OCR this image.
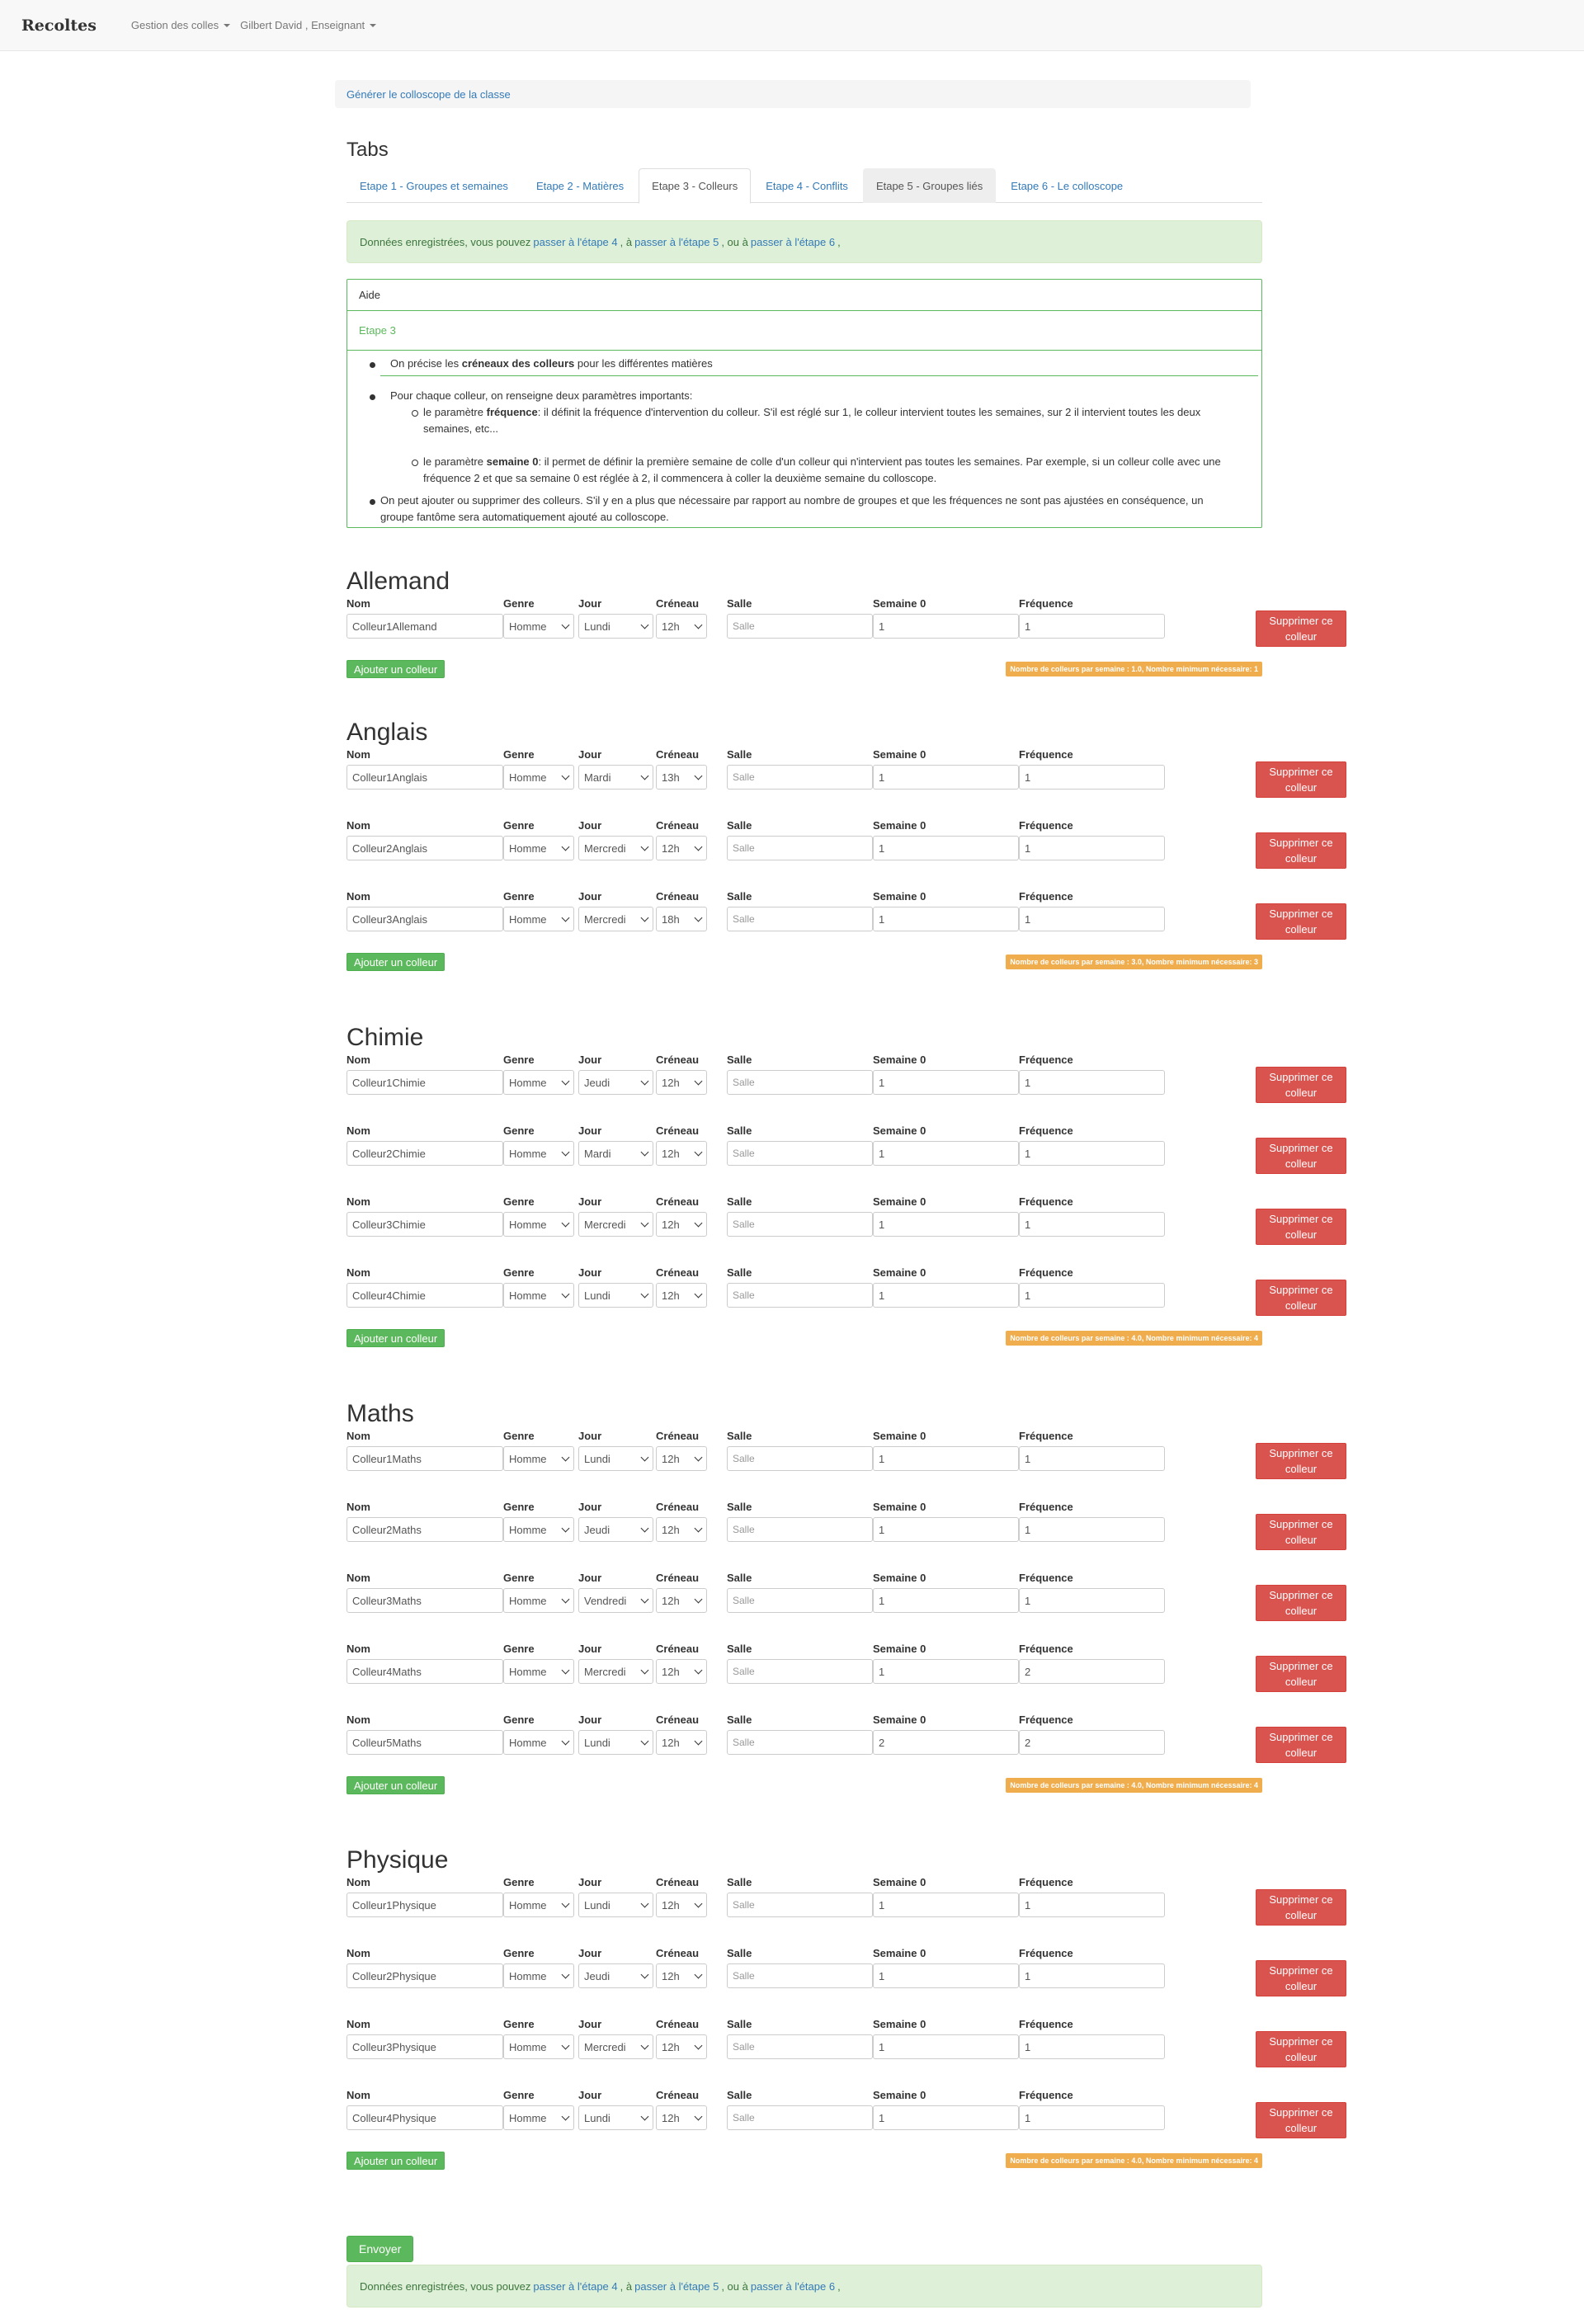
Recoltes	Gestion des colles Gilbert David , Enseignant
Générer le colloscope de la classe
Tabs
Etape 1 - Groupes et semaines	Etape 2 - Matières	Etape 3 - Colleurs	Etape 4 - Conflits	Etape 5 - Groupes liés	Etape 6 - Le colloscope
Données enregistrées, vous pouvez passer à l'étape 4 ,
à passer à l'étape 5 , ou à passer à l'étape 6 ,
Aide
Etape 3
On précise les créneaux des colleurs pour les différentes matières
Pour chaque colleur, on renseigne deux paramètres importants:
le paramètre fréquence: il définit la fréquence d'intervention du colleur. S'il est réglé sur 1, le colleur intervient toutes les semaines, sur 2 il intervient toutes les deux semaines, etc...
le paramètre semaine 0: il permet de définir la première semaine de colle d'un colleur qui n'intervient pas toutes les semaines. Par exemple, si un colleur colle avec une fréquence 2 et que sa semaine 0 est réglée à 2, il commencera à coller la deuxième semaine du colloscope.
On peut ajouter ou supprimer des colleurs. S'il y en a plus que nécessaire par rapport au nombre de groupes et que les fréquences ne sont pas ajustées en conséquence, un groupe fantôme sera automatiquement ajouté au colloscope.
Allemand
Nom	Genre	Jour	Créneau	Salle	Semaine 0	Fréquence
Colleur1Allemand	Homme	Lundi	12h	Salle	1	1	Supprimer ce colleur
Ajouter un colleur	Nombre de colleurs par semaine : 1.0, Nombre minimum nécessaire: 1
Anglais
Nom	Genre	Jour	Créneau	Salle	Semaine 0	Fréquence
Colleur1Anglais	Homme	Mardi	13h	Salle	1	1	Supprimer ce colleur
Nom	Genre	Jour	Créneau	Salle	Semaine 0	Fréquence
Colleur2Anglais	Homme	Mercredi	12h	Salle	1	1	Supprimer ce colleur
Nom	Genre	Jour	Créneau	Salle	Semaine 0	Fréquence
Colleur3Anglais	Homme	Mercredi	18h	Salle	1	1	Supprimer ce colleur
Ajouter un colleur	Nombre de colleurs par semaine : 3.0, Nombre minimum nécessaire: 3
Chimie
Nom	Genre	Jour	Créneau	Salle	Semaine 0	Fréquence
Colleur1Chimie	Homme	Jeudi	12h	Salle	1	1	Supprimer ce colleur
Nom	Genre	Jour	Créneau	Salle	Semaine 0	Fréquence
Colleur2Chimie	Homme	Mardi	12h	Salle	1	1	Supprimer ce colleur
Nom	Genre	Jour	Créneau	Salle	Semaine 0	Fréquence
Colleur3Chimie	Homme	Mercredi	12h	Salle	1	1	Supprimer ce colleur
Nom	Genre	Jour	Créneau	Salle	Semaine 0	Fréquence
Colleur4Chimie	Homme	Lundi	12h	Salle	1	1	Supprimer ce colleur
Ajouter un colleur	Nombre de colleurs par semaine : 4.0, Nombre minimum nécessaire: 4
Maths
Nom	Genre	Jour	Créneau	Salle	Semaine 0	Fréquence
Colleur1Maths	Homme	Lundi	12h	Salle	1	1	Supprimer ce colleur
Nom	Genre	Jour	Créneau	Salle	Semaine 0	Fréquence
Colleur2Maths	Homme	Jeudi	12h	Salle	1	1	Supprimer ce colleur
Nom	Genre	Jour	Créneau	Salle	Semaine 0	Fréquence
Colleur3Maths	Homme	Vendredi	12h	Salle	1	1	Supprimer ce colleur
Nom	Genre	Jour	Créneau	Salle	Semaine 0	Fréquence
Colleur4Maths	Homme	Mercredi	12h	Salle	1	2	Supprimer ce colleur
Nom	Genre	Jour	Créneau	Salle	Semaine 0	Fréquence
Colleur5Maths	Homme	Lundi	12h	Salle	2	2	Supprimer ce colleur
Ajouter un colleur	Nombre de colleurs par semaine : 4.0, Nombre minimum nécessaire: 4
Physique
Nom	Genre	Jour	Créneau	Salle	Semaine 0	Fréquence
Colleur1Physique	Homme	Lundi	12h	Salle	1	1	Supprimer ce colleur
Nom	Genre	Jour	Créneau	Salle	Semaine 0	Fréquence
Colleur2Physique	Homme	Jeudi	12h	Salle	1	1	Supprimer ce colleur
Nom	Genre	Jour	Créneau	Salle	Semaine 0	Fréquence
Colleur3Physique	Homme	Mercredi	12h	Salle	1	1	Supprimer ce colleur
Nom	Genre	Jour	Créneau	Salle	Semaine 0	Fréquence
Colleur4Physique	Homme	Lundi	12h	Salle	1	1	Supprimer ce colleur
Ajouter un colleur	Nombre de colleurs par semaine : 4.0, Nombre minimum nécessaire: 4
Envoyer
Données enregistrées, vous pouvez passer à l'étape 4 ,
à passer à l'étape 5 , ou à passer à l'étape 6 ,
